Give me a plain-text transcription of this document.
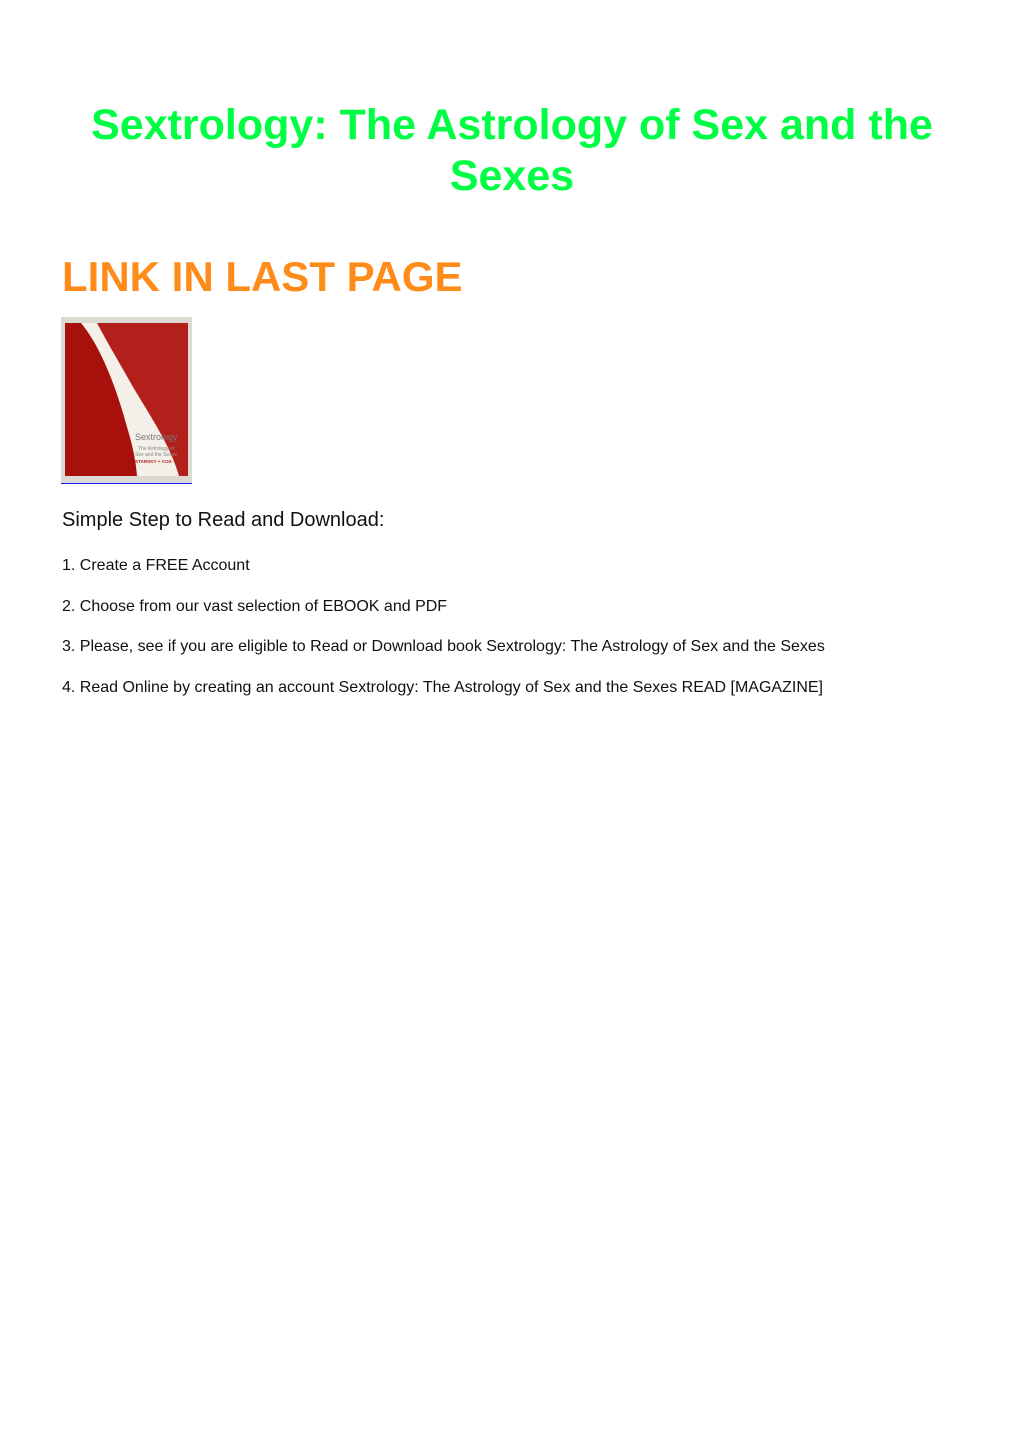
Sextrology: The Astrology of Sex and the Sexes
LINK IN LAST PAGE
Sextrology
The Astrology of
Sex and the Sexes
STARSKY + COX
Simple Step to Read and Download:
1. Create a FREE Account
2. Choose from our vast selection of EBOOK and PDF
3. Please, see if you are eligible to Read or Download book Sextrology: The Astrology of Sex and the Sexes
4. Read Online by creating an account Sextrology: The Astrology of Sex and the Sexes READ [MAGAZINE]
